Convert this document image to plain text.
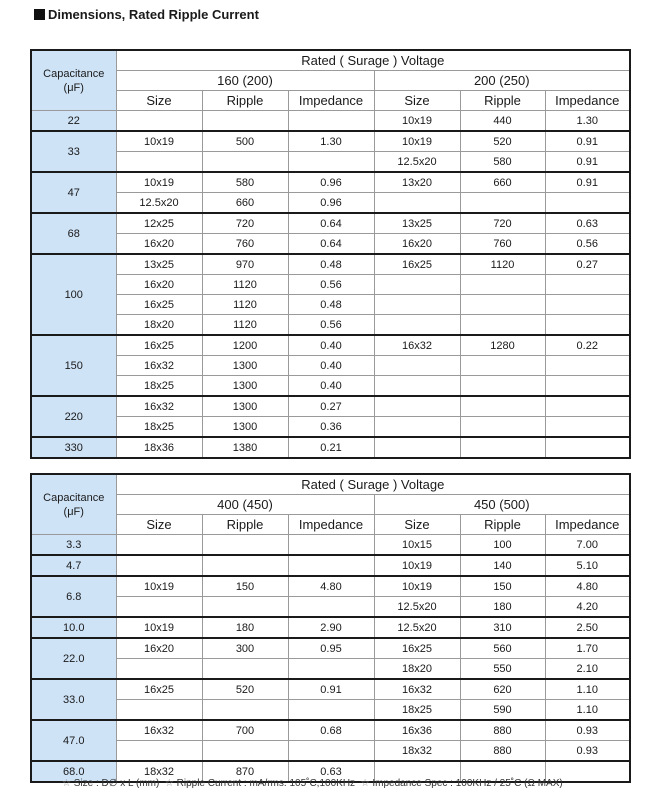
Dimensions, Rated Ripple Current
Capacitance
(μF)	Rated ( Surage ) Voltage					
	160 (200)			200 (250)		
	Size	Ripple	Impedance	Size	Ripple	Impedance
22				10x19	440	1.30
33	10x19	500	1.30	10x19	520	0.91
				12.5x20	580	0.91
47	10x19	580	0.96	13x20	660	0.91
	12.5x20	660	0.96			
68	12x25	720	0.64	13x25	720	0.63
	16x20	760	0.64	16x20	760	0.56
100	13x25	970	0.48	16x25	1120	0.27
	16x20	1120	0.56			
	16x25	1120	0.48			
	18x20	1120	0.56			
150	16x25	1200	0.40	16x32	1280	0.22
	16x32	1300	0.40			
	18x25	1300	0.40			
220	16x32	1300	0.27			
	18x25	1300	0.36			
330	18x36	1380	0.21			
Capacitance
(μF)	Rated ( Surage ) Voltage					
	400 (450)			450 (500)		
	Size	Ripple	Impedance	Size	Ripple	Impedance
3.3				10x15	100	7.00
4.7				10x19	140	5.10
6.8	10x19	150	4.80	10x19	150	4.80
				12.5x20	180	4.20
10.0	10x19	180	2.90	12.5x20	310	2.50
22.0	16x20	300	0.95	16x25	560	1.70
				18x20	550	2.10
33.0	16x25	520	0.91	16x32	620	1.10
				18x25	590	1.10
47.0	16x32	700	0.68	16x36	880	0.93
				18x32	880	0.93
68.0	18x32	870	0.63			
☆ Size : D∅ x L (mm) ☆ Ripple Current : mA/rms. 105˚C,100KHz ☆ Impedance Spec : 100KHz / 25˚C (Ω MAX)
